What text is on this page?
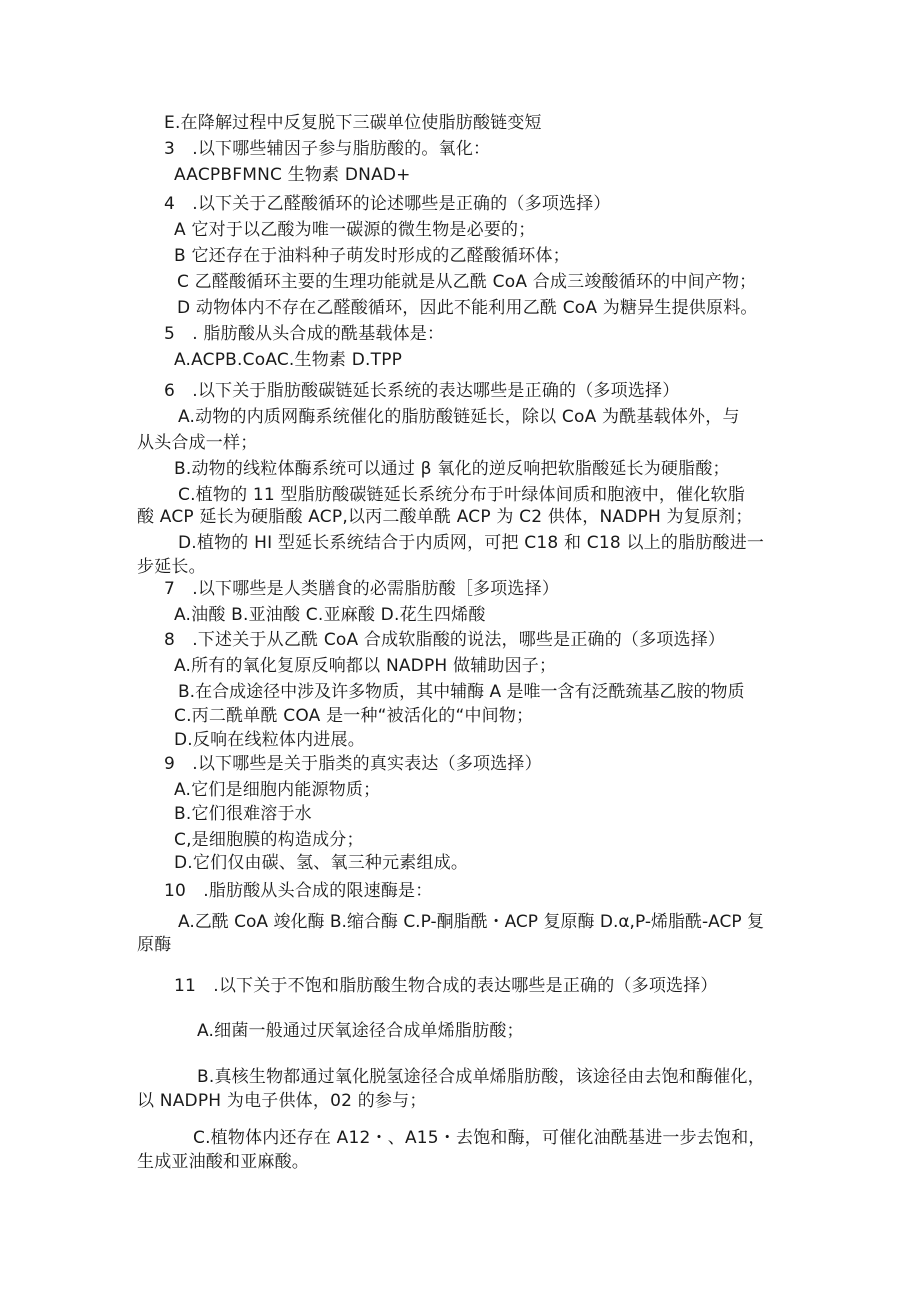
E.在降解过程中反复脱下三碳单位使脂肪酸链变短
3　.以下哪些辅因子参与脂肪酸的。氧化：
AACPBFMNC 生物素 DNAD+
4　.以下关于乙醛酸循环的论述哪些是正确的（多项选择）
A 它对于以乙酸为唯一碳源的微生物是必要的；
B 它还存在于油料种子萌发时形成的乙醛酸循环体；
C 乙醛酸循环主要的生理功能就是从乙酰 CoA 合成三竣酸循环的中间产物；
D 动物体内不存在乙醛酸循环，因此不能利用乙酰 CoA 为糖异生提供原料。
5　. 脂肪酸从头合成的酰基载体是：
A.ACPB.CoAC.生物素 D.TPP
6　.以下关于脂肪酸碳链延长系统的表达哪些是正确的（多项选择）
A.动物的内质网酶系统催化的脂肪酸链延长，除以 CoA 为酰基载体外，与
从头合成一样；
B.动物的线粒体酶系统可以通过 β 氧化的逆反响把软脂酸延长为硬脂酸；
C.植物的 11 型脂肪酸碳链延长系统分布于叶绿体间质和胞液中，催化软脂
酸 ACP 延长为硬脂酸 ACP,以丙二酸单酰 ACP 为 C2 供体，NADPH 为复原剂；
D.植物的 HI 型延长系统结合于内质网，可把 C18 和 C18 以上的脂肪酸进一
步延长。
7　.以下哪些是人类膳食的必需脂肪酸［多项选择）
A.油酸 B.亚油酸 C.亚麻酸 D.花生四烯酸
8　.下述关于从乙酰 CoA 合成软脂酸的说法，哪些是正确的（多项选择）
A.所有的氧化复原反响都以 NADPH 做辅助因子；
B.在合成途径中涉及许多物质，其中辅酶 A 是唯一含有泛酰巯基乙胺的物质
C.丙二酰单酰 COA 是一种“被活化的“中间物；
D.反响在线粒体内进展。
9　.以下哪些是关于脂类的真实表达（多项选择）
A.它们是细胞内能源物质；
B.它们很难溶于水
C,是细胞膜的构造成分；
D.它们仅由碳、氢、氧三种元素组成。
10　.脂肪酸从头合成的限速酶是：
A.乙酰 CoA 竣化酶 B.缩合酶 C.P-酮脂酰・ACP 复原酶 D.α,P-烯脂酰-ACP 复
原酶
11　.以下关于不饱和脂肪酸生物合成的表达哪些是正确的（多项选择）
A.细菌一般通过厌氧途径合成单烯脂肪酸；
B.真核生物都通过氧化脱氢途径合成单烯脂肪酸，该途径由去饱和酶催化，
以 NADPH 为电子供体，02 的参与；
C.植物体内还存在 A12・、A15・去饱和酶，可催化油酰基进一步去饱和，
生成亚油酸和亚麻酸。
